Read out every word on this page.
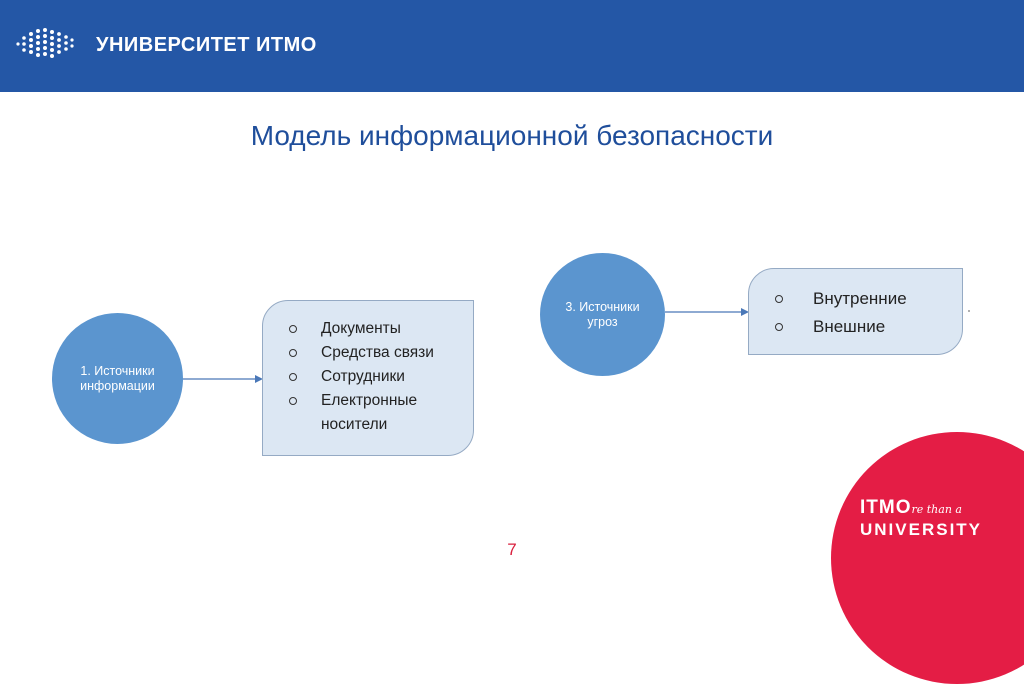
УНИВЕРСИТЕТ ИТМО
Модель информационной безопасности
1. Источники информации
Документы
Средства связи
Сотрудники
Електронные носители
3. Источники угроз
Внутренние
Внешние
7
ITMOre than a
UNIVERSITY
